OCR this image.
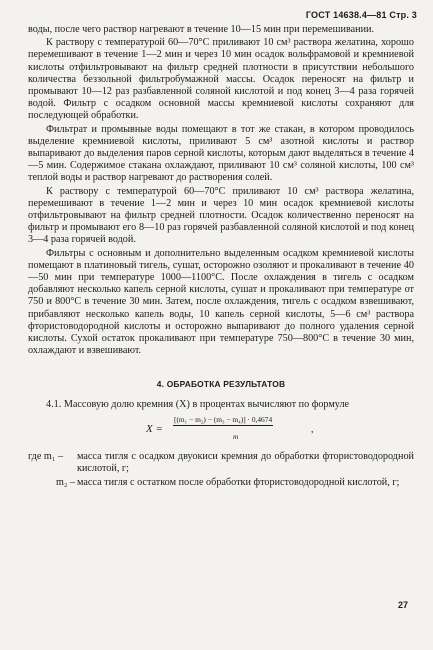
ГОСТ 14638.4—81 Стр. 3

воды, после чего раствор нагревают в течение 10—15 мин при перемешивании.

К раствору с температурой 60—70°С приливают 10 см³ раствора желатина, хорошо перемешивают в течение 1—2 мин и через 10 мин осадок вольфрамовой и кремниевой кислоты отфильтровывают на фильтр средней плотности в присутствии небольшого количества беззольной фильтробумажной массы. Осадок переносят на фильтр и промывают 10—12 раз разбавленной соляной кислотой и под конец 3—4 раза горячей водой. Фильтр с осадком основной массы кремниевой кислоты сохраняют для последующей обработки.

Фильтрат и промывные воды помещают в тот же стакан, в котором проводилось выделение кремниевой кислоты, приливают 5 см³ азотной кислоты и раствор выпаривают до выделения паров серной кислоты, которым дают выделяться в течение 4—5 мин. Содержимое стакана охлаждают, приливают 10 см³ соляной кислоты, 100 см³ теплой воды и раствор нагревают до растворения солей.

К раствору с температурой 60—70°С приливают 10 см³ раствора желатина, перемешивают в течение 1—2 мин и через 10 мин осадок кремниевой кислоты отфильтровывают на фильтр средней плотности. Осадок количественно переносят на фильтр и промывают его 8—10 раз горячей разбавленной соляной кислотой и под конец 3—4 раза горячей водой.

Фильтры с основным и дополнительно выделенным осадком кремниевой кислоты помещают в платиновый тигель, сушат, осторожно озоляют и прокаливают в течение 40—50 мин при температуре 1000—1100°С. После охлаждения в тигель с осадком добавляют несколько капель серной кислоты, сушат и прокаливают при температуре от 750 и 800°С в течение 30 мин. Затем, после охлаждения, тигель с осадком взвешивают, прибавляют несколько капель воды, 10 капель серной кислоты, 5—6 см³ раствора фтористоводородной кислоты и осторожно выпаривают до полного удаления серной кислоты. Сухой остаток прокаливают при температуре 750—800°С в течение 30 мин, охлаждают и взвешивают.

4. ОБРАБОТКА РЕЗУЛЬТАТОВ

4.1. Массовую долю кремния (X) в процентах вычисляют по формуле

X =
[(m₁ − m₂) − (m₃ − m₄)] · 0,4674
m
,
где m₁ – масса тигля с осадком двуокиси кремния до обработки фтористоводородной кислотой, г;
m₂ – масса тигля с остатком после обработки фтористоводородной кислотой, г;
27
